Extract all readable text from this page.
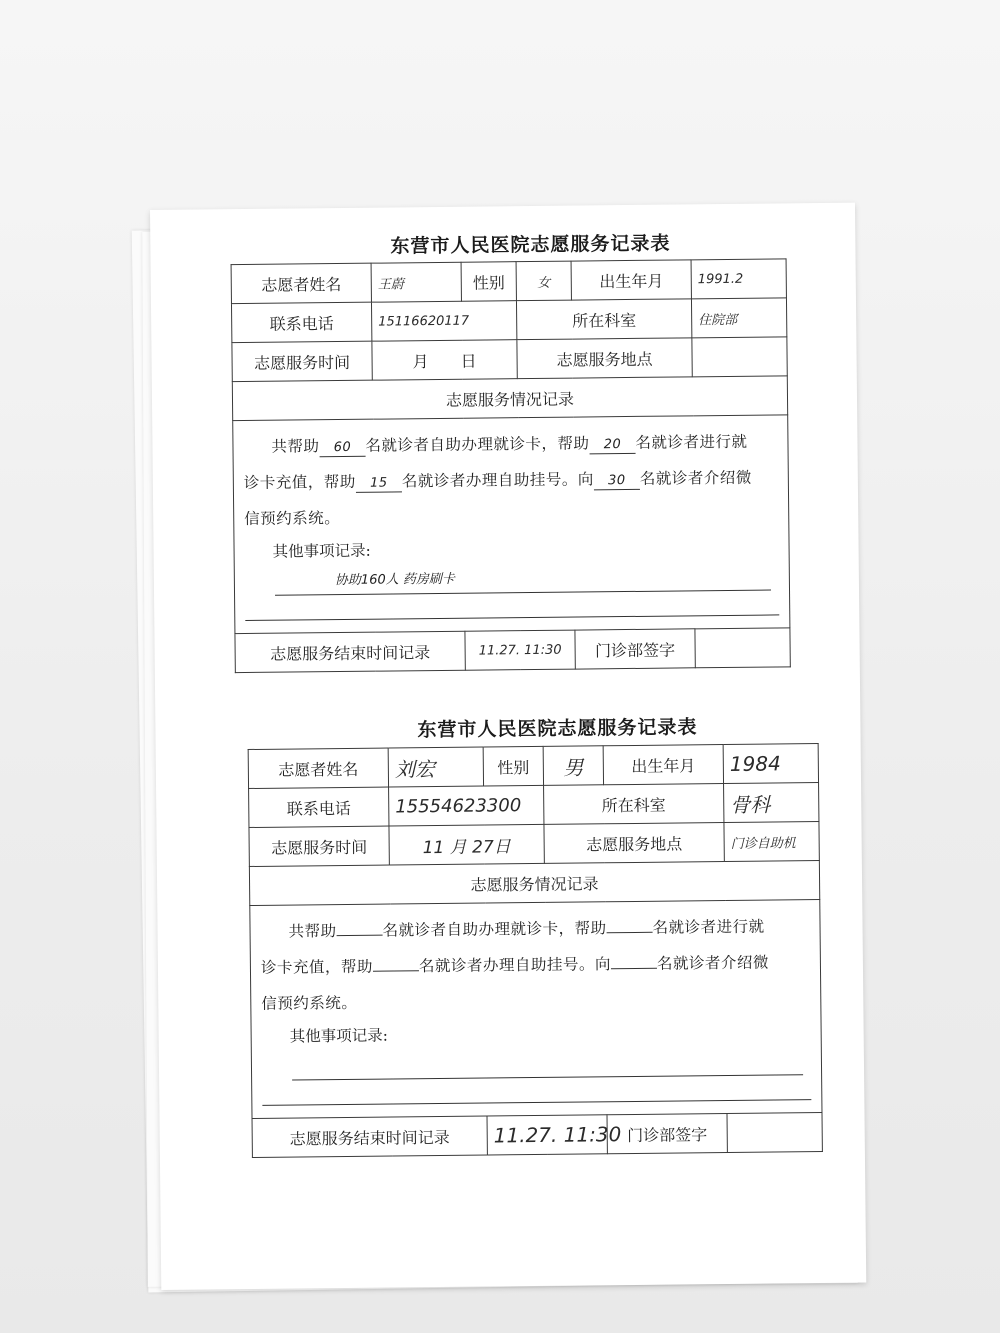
东营市人民医院志愿服务记录表
志愿者姓名	王蔚	性别	女	出生年月	1991.2
联系电话	15116620117		所在科室		住院部
志愿服务时间	月　　日		志愿服务地点		
志愿服务情况记录					

共帮助 60 名就诊者自助办理就诊卡，帮助 20 名就诊者进行就
诊卡充值，帮助 15 名就诊者办理自助挂号。向 30 名就诊者介绍微
信预约系统。
其他事项记录:
协助160人 药房刷卡					

志愿服务结束时间记录		11.27. 11:30		门诊部签字	
东营市人民医院志愿服务记录表
志愿者姓名	刘宏	性别	男	出生年月	1984
联系电话	15554623300		所在科室		骨科
志愿服务时间	11 月 27日		志愿服务地点		门诊自助机
志愿服务情况记录					

共帮助 名就诊者自助办理就诊卡，帮助 名就诊者进行就
诊卡充值，帮助 名就诊者办理自助挂号。向 名就诊者介绍微
信预约系统。
其他事项记录:					

志愿服务结束时间记录		11.27. 11:30		门诊部签字	
